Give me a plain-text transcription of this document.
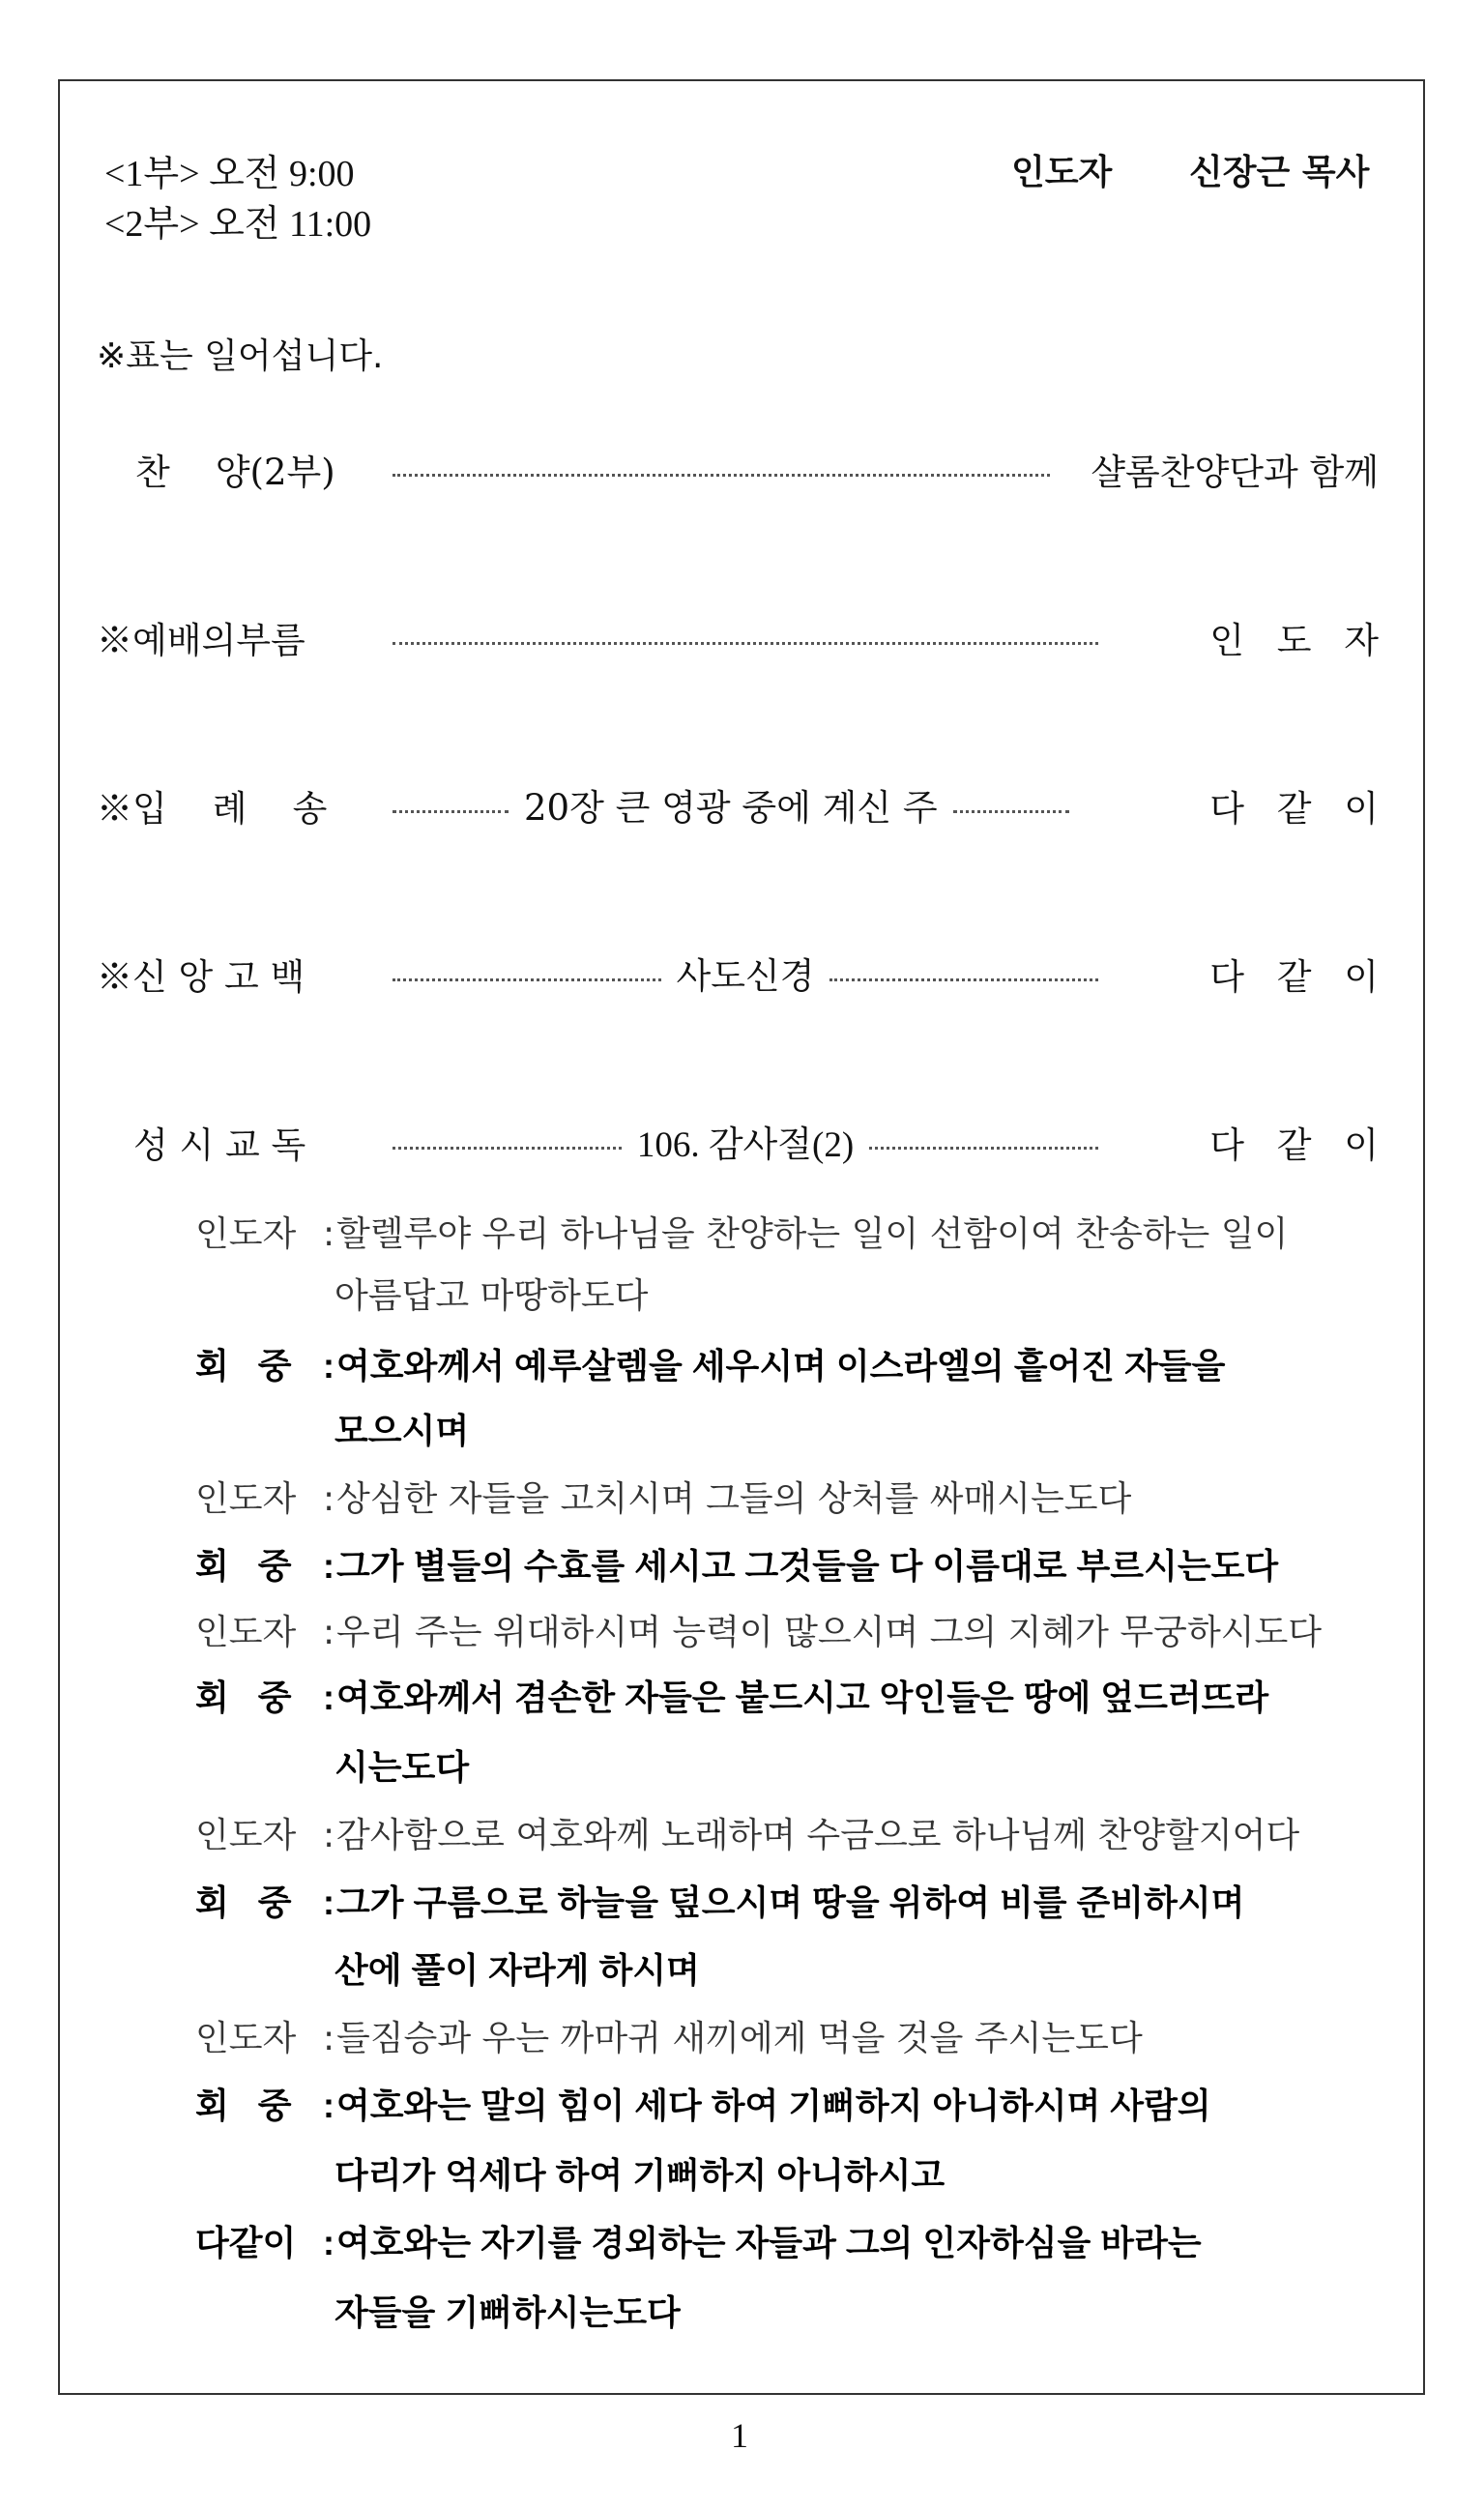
<1부> 오전 9:00
<2부> 오전 11:00
인도자 신장근 목사
※표는 일어섭니다.
찬    양(2부)	샬롬찬양단과 함께
※예배의부름	인 도 자
※입    례    송	20장 큰 영광 중에 계신 주	다 같 이
※신 앙 고 백	사도신경	다 같 이
성 시 교 독	106. 감사절(2)	다 같 이
인도자 :할렐루야 우리 하나님을 찬양하는 일이 선함이여 찬송하는 일이
아름답고 마땅하도다
회   중 :여호와께서 예루살렘을 세우시며 이스라엘의 흩어진 자들을
모으시며
인도자 :상심한 자들을 고치시며 그들의 상처를 싸매시는도다
회   중 :그가 별들의 수효를 세시고 그것들을 다 이름대로 부르시는도다
인도자 :우리 주는 위대하시며 능력이 많으시며 그의 지혜가 무궁하시도다
회   중 :여호와께서 겸손한 자들은 붙드시고 악인들은 땅에 엎드러뜨라
시는도다
인도자 :감사함으로 여호와께 노래하며 수금으로 하나님께 찬양할지어다
회   중 :그가 구름으로 하늘을 덮으시며 땅을 위하여 비를 준비하시며
산에 풀이 자라게 하시며
인도자 :들짐승과 우는 까마귀 새끼에게 먹을 것을 주시는도다
회   중 :여호와는 말의 힘이 세다 하여 기뻐하지 아니하시며 사람의
다리가 억세다 하여 기뻐하지 아니하시고
다같이 :여호와는 자기를 경외하는 자들과 그의 인자하심을 바라는
자들을 기뻐하시는도다
1
